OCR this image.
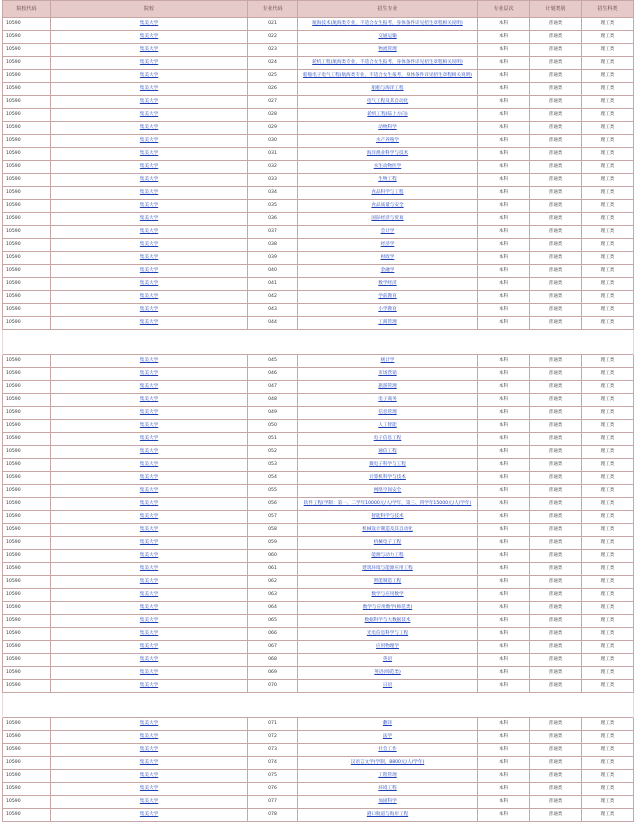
院校代码	院校	专业代码	招生专业	专业层次	计划类别	招生科类
10590	集美大学	021	航海技术(航海类专业，不适合女生报考，身体条件详见招生章程相关说明)	本科	普通类	理工类
10590	集美大学	022	交通运输	本科	普通类	理工类
10590	集美大学	023	物流管理	本科	普通类	理工类
10590	集美大学	024	轮机工程(航海类专业，不适合女生报考，身体条件详见招生章程相关说明)	本科	普通类	理工类
10590	集美大学	025	船舶电子电气工程(航海类专业，不适合女生报考，身体条件详见招生章程相关说明)	本科	普通类	理工类
10590	集美大学	026	船舶与海洋工程	本科	普通类	理工类
10590	集美大学	027	电气工程及其自动化	本科	普通类	理工类
10590	集美大学	028	轮机工程(陆上方向)	本科	普通类	理工类
10590	集美大学	029	动物科学	本科	普通类	理工类
10590	集美大学	030	水产养殖学	本科	普通类	理工类
10590	集美大学	031	海洋渔业科学与技术	本科	普通类	理工类
10590	集美大学	032	水生动物医学	本科	普通类	理工类
10590	集美大学	033	生物工程	本科	普通类	理工类
10590	集美大学	034	食品科学与工程	本科	普通类	理工类
10590	集美大学	035	食品质量与安全	本科	普通类	理工类
10590	集美大学	036	国际经济与贸易	本科	普通类	理工类
10590	集美大学	037	会计学	本科	普通类	理工类
10590	集美大学	038	经济学	本科	普通类	理工类
10590	集美大学	039	财政学	本科	普通类	理工类
10590	集美大学	040	金融学	本科	普通类	理工类
10590	集美大学	041	数学经济	本科	普通类	理工类
10590	集美大学	042	学前教育	本科	普通类	理工类
10590	集美大学	043	小学教育	本科	普通类	理工类
10590	集美大学	044	工商管理	本科	普通类	理工类

10590	集美大学	045	统计学	本科	普通类	理工类
10590	集美大学	046	市场营销	本科	普通类	理工类
10590	集美大学	047	旅游管理	本科	普通类	理工类
10590	集美大学	048	电子商务	本科	普通类	理工类
10590	集美大学	049	信息管理	本科	普通类	理工类
10590	集美大学	050	人工智能	本科	普通类	理工类
10590	集美大学	051	电子信息工程	本科	普通类	理工类
10590	集美大学	052	通信工程	本科	普通类	理工类
10590	集美大学	053	微电子科学与工程	本科	普通类	理工类
10590	集美大学	054	计算机科学与技术	本科	普通类	理工类
10590	集美大学	055	网络空间安全	本科	普通类	理工类
10590	集美大学	056	软件工程(学制：第一、二学年10000元/人/学年，第三、四学年15000元/人/学年)	本科	普通类	理工类
10590	集美大学	057	智能科学与技术	本科	普通类	理工类
10590	集美大学	058	机械设计制造及其自动化	本科	普通类	理工类
10590	集美大学	059	机械电子工程	本科	普通类	理工类
10590	集美大学	060	能源与动力工程	本科	普通类	理工类
10590	集美大学	061	建筑环境与能源应用工程	本科	普通类	理工类
10590	集美大学	062	智能制造工程	本科	普通类	理工类
10590	集美大学	063	数学与应用数学	本科	普通类	理工类
10590	集美大学	064	数学与应用数学(师范类)	本科	普通类	理工类
10590	集美大学	065	数据科学与大数据技术	本科	普通类	理工类
10590	集美大学	066	光电信息科学与工程	本科	普通类	理工类
10590	集美大学	067	应用物理学	本科	普通类	理工类
10590	集美大学	068	英语	本科	普通类	理工类
10590	集美大学	069	英语(师范类)	本科	普通类	理工类
10590	集美大学	070	日语	本科	普通类	理工类

10590	集美大学	071	翻译	本科	普通类	理工类
10590	集美大学	072	法学	本科	普通类	理工类
10590	集美大学	073	社会工作	本科	普通类	理工类
10590	集美大学	074	汉语言文学(学制，8800元/人/学年)	本科	普通类	理工类
10590	集美大学	075	工程管理	本科	普通类	理工类
10590	集美大学	076	环境工程	本科	普通类	理工类
10590	集美大学	077	加固科学	本科	普通类	理工类
10590	集美大学	078	港口航道与海岸工程	本科	普通类	理工类
